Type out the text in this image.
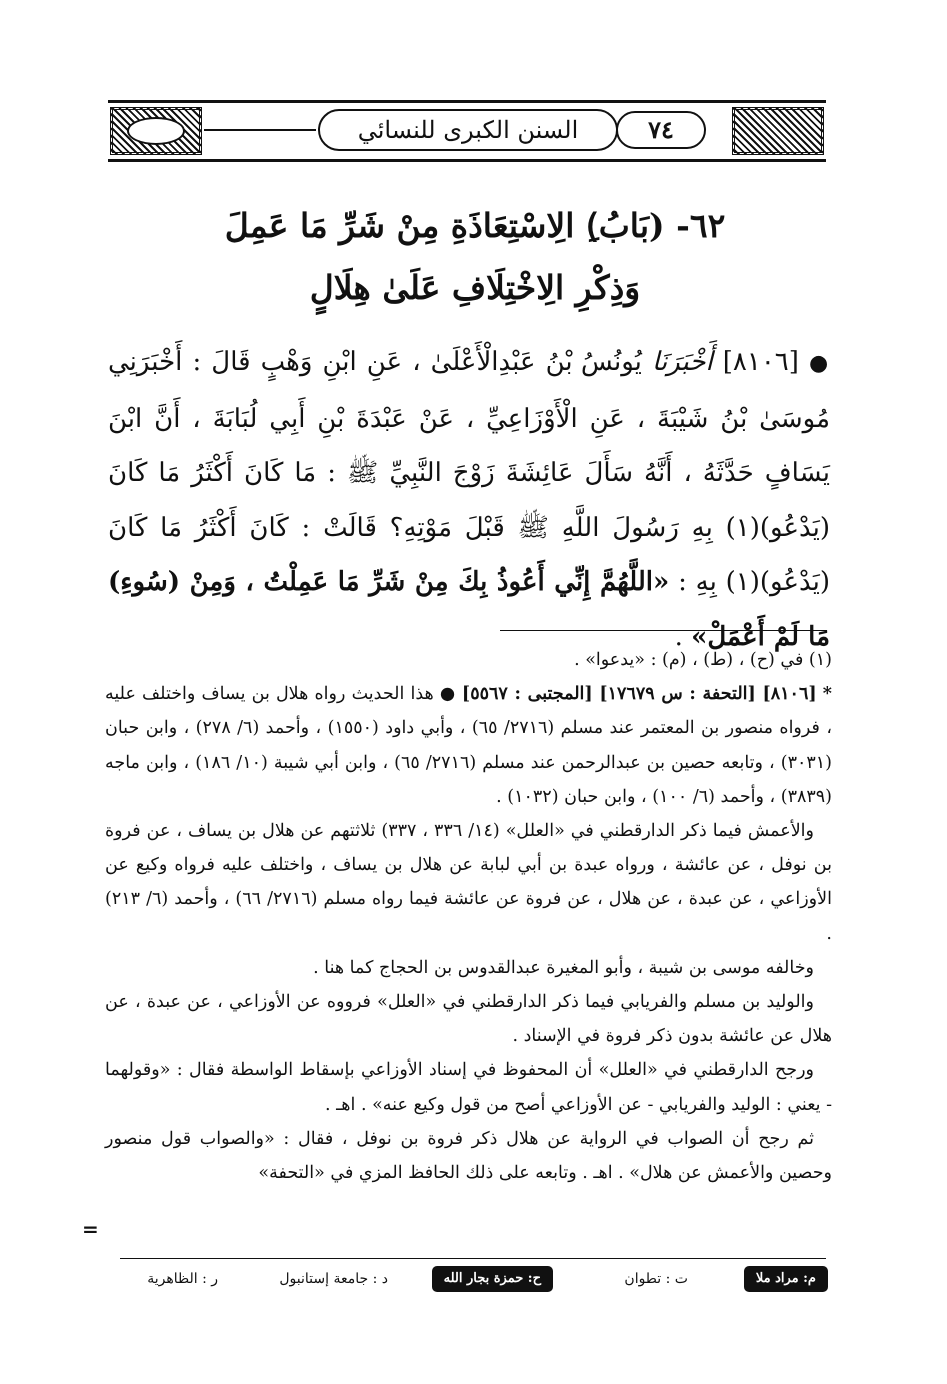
السنن الكبرى للنسائي	٧٤
٦٢- (بَابُ)ِ الِاسْتِعَاذَةِ مِنْ شَرِّ مَا عَمِلَ
وَذِكْرِ الِاخْتِلَافِ عَلَىٰ هِلَالٍ
● [٨١٠٦] أَخْبَرَنَا يُونُسُ بْنُ عَبْدِالْأَعْلَىٰ ، عَنِ ابْنِ وَهْبٍ قَالَ : أَخْبَرَنِي مُوسَىٰ بْنُ شَيْبَةَ ، عَنِ الْأَوْزَاعِيِّ ، عَنْ عَبْدَةَ بْنِ أَبِي لُبَابَةَ ، أَنَّ ابْنَ يَسَافٍ حَدَّثَهُ ، أَنَّهُ سَأَلَ عَائِشَةَ زَوْجَ النَّبِيِّ ﷺ : مَا كَانَ أَكْثَرُ مَا كَانَ (يَدْعُو)(١) بِهِ رَسُولَ اللَّهِ ﷺ قَبْلَ مَوْتِهِ؟ قَالَتْ : كَانَ أَكْثَرُ مَا كَانَ (يَدْعُو)(١) بِهِ : «اللَّهُمَّ إِنِّي أَعُوذُ بِكَ مِنْ شَرِّ مَا عَمِلْتُ ، وَمِنْ (سُوءِ) مَا لَمْ أَعْمَلْ» .

(١) في (ح) ، (ط) ، (م) : «يدعوا» .

* [٨١٠٦] [التحفة : س ١٧٦٧٩] [المجتبى : ٥٥٦٧] ● هذا الحديث رواه هلال بن يساف واختلف عليه ، فرواه منصور بن المعتمر عند مسلم (٢٧١٦/ ٦٥) ، وأبي داود (١٥٥٠) ، وأحمد (٦/ ٢٧٨) ، وابن حبان (٣٠٣١) ، وتابعه حصين بن عبدالرحمن عند مسلم (٢٧١٦/ ٦٥) ، وابن أبي شيبة (١٠/ ١٨٦) ، وابن ماجه (٣٨٣٩) ، وأحمد (٦/ ١٠٠) ، وابن حبان (١٠٣٢) .

والأعمش فيما ذكر الدارقطني في «العلل» (١٤/ ٣٣٦ ، ٣٣٧) ثلاثتهم عن هلال بن يساف ، عن فروة بن نوفل ، عن عائشة ، ورواه عبدة بن أبي لبابة عن هلال بن يساف ، واختلف عليه فرواه وكيع عن الأوزاعي ، عن عبدة ، عن هلال ، عن فروة عن عائشة فيما رواه مسلم (٢٧١٦/ ٦٦) ، وأحمد (٦/ ٢١٣) .

وخالفه موسى بن شيبة ، وأبو المغيرة عبدالقدوس بن الحجاج كما هنا .

والوليد بن مسلم والفريابي فيما ذكر الدارقطني في «العلل» فرووه عن الأوزاعي ، عن عبدة ، عن هلال عن عائشة بدون ذكر فروة في الإسناد .

ورجح الدارقطني في «العلل» أن المحفوظ في إسناد الأوزاعي بإسقاط الواسطة فقال : «وقولهما - يعني : الوليد والفريابي - عن الأوزاعي أصح من قول وكيع عنه» . اهـ .

ثم رجح أن الصواب في الرواية عن هلال ذكر فروة بن نوفل ، فقال : «والصواب قول منصور وحصين والأعمش عن هلال» . اهـ . وتابعه على ذلك الحافظ المزي في «التحفة»

=
م: مراد ملا
ت : تطوان
ح: حمزة بجار الله
د : جامعة إستانبول
ر : الظاهرية
